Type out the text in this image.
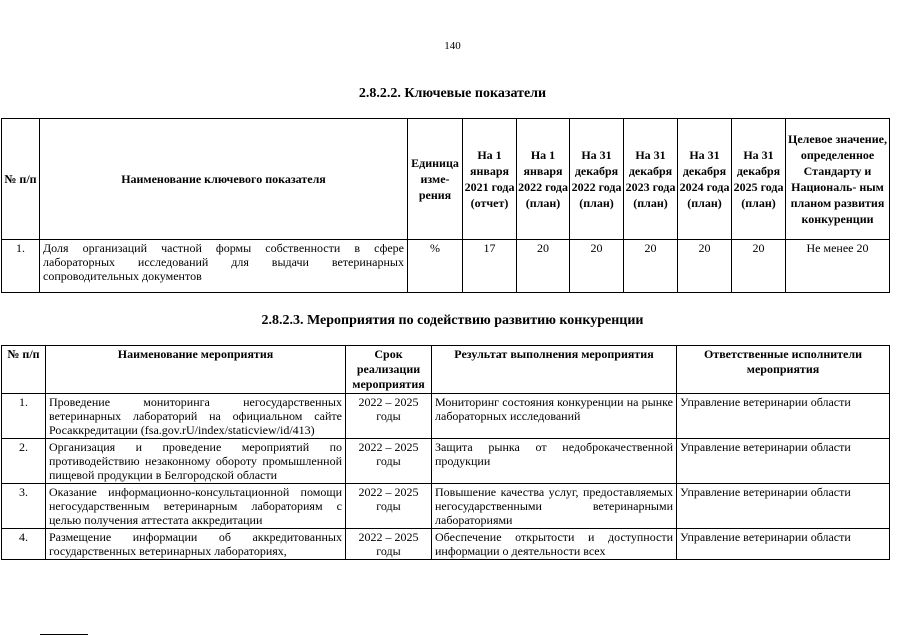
140
2.8.2.2. Ключевые показатели
№ п/п	Наименование ключевого показателя	Единица изме- рения	На 1 января 2021 года (отчет)	На 1 января 2022 года (план)	На 31 декабря 2022 года (план)	На 31 декабря 2023 года (план)	На 31 декабря 2024 года (план)	На 31 декабря 2025 года (план)	Целевое значение, определенное Стандарту и Националь- ным планом развития конкуренции
1.	Доля организаций частной формы собственности в сфере лабораторных исследований для выдачи ветеринарных сопроводительных документов	%	17	20	20	20	20	20	Не менее 20
2.8.2.3. Мероприятия по содействию развитию конкуренции
№ п/п	Наименование мероприятия	Срок реализации мероприятия	Результат выполнения мероприятия	Ответственные исполнители мероприятия
1.	Проведение мониторинга негосударственных ветеринарных лабораторий на официальном сайте Росаккредитации (fsa.gov.rU/index/staticview/id/413)	2022 – 2025 годы	Мониторинг состояния конкуренции на рынке лабораторных исследований	Управление ветеринарии области
2.	Организация и проведение мероприятий по противодействию незаконному обороту промышленной пищевой продукции в Белгородской области	2022 – 2025 годы	Защита рынка от недоброкачественной продукции	Управление ветеринарии области
3.	Оказание информационно-консультационной помощи негосударственным ветеринарным лабораториям с целью получения аттестата аккредитации	2022 – 2025 годы	Повышение качества услуг, предоставляемых негосударственными ветеринарными лабораториями	Управление ветеринарии области
4.	Размещение информации об аккредитованных государственных ветеринарных лабораториях,	2022 – 2025 годы	Обеспечение открытости и доступности информации о деятельности всех	Управление ветеринарии области
